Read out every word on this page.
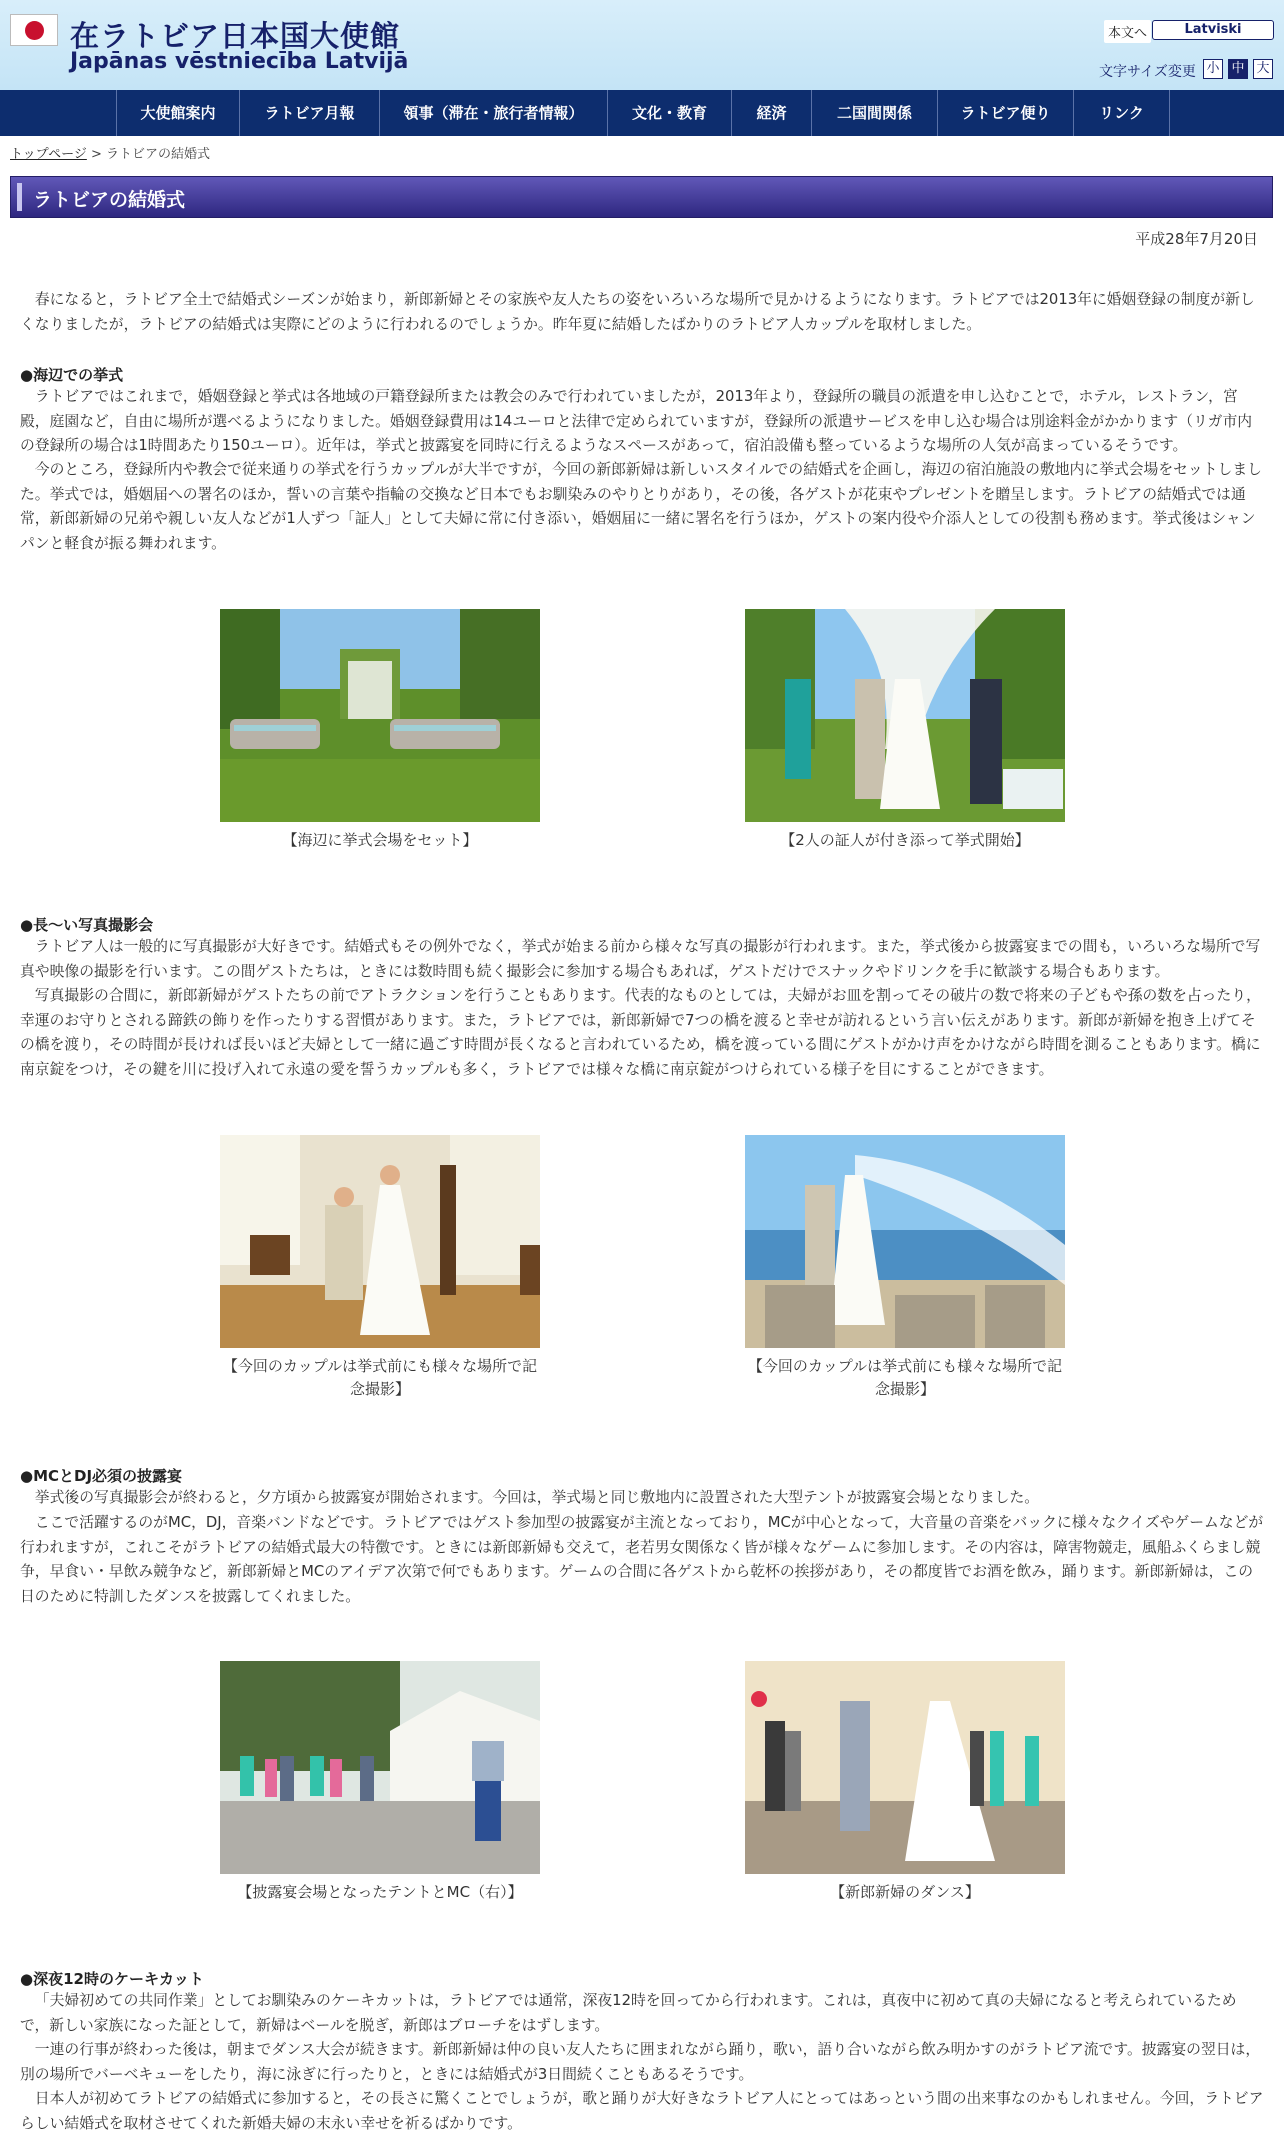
在ラトビア日本国大使館
Japānas vēstniecība Latvijā
本文へ	Latviski
文字サイズ変更 小 中 大
大使館案内	ラトビア月報	領事（滞在・旅行者情報）	文化・教育	経済	二国間関係	ラトビア便り	リンク
トップページ > ラトビアの結婚式
ラトビアの結婚式
平成28年7月20日

春になると，ラトビア全土で結婚式シーズンが始まり，新郎新婦とその家族や友人たちの姿をいろいろな場所で見かけるようになります。ラトビアでは2013年に婚姻登録の制度が新しくなりましたが，ラトビアの結婚式は実際にどのように行われるのでしょうか。昨年夏に結婚したばかりのラトビア人カップルを取材しました。

●海辺での挙式

ラトビアではこれまで，婚姻登録と挙式は各地域の戸籍登録所または教会のみで行われていましたが，2013年より，登録所の職員の派遣を申し込むことで，ホテル，レストラン，宮殿，庭園など，自由に場所が選べるようになりました。婚姻登録費用は14ユーロと法律で定められていますが，登録所の派遣サービスを申し込む場合は別途料金がかかります（リガ市内の登録所の場合は1時間あたり150ユーロ）。近年は，挙式と披露宴を同時に行えるようなスペースがあって，宿泊設備も整っているような場所の人気が高まっているそうです。

今のところ，登録所内や教会で従来通りの挙式を行うカップルが大半ですが，今回の新郎新婦は新しいスタイルでの結婚式を企画し，海辺の宿泊施設の敷地内に挙式会場をセットしました。挙式では，婚姻届への署名のほか，誓いの言葉や指輪の交換など日本でもお馴染みのやりとりがあり，その後，各ゲストが花束やプレゼントを贈呈します。ラトビアの結婚式では通常，新郎新婦の兄弟や親しい友人などが1人ずつ「証人」として夫婦に常に付き添い，婚姻届に一緒に署名を行うほか，ゲストの案内役や介添人としての役割も務めます。挙式後はシャンパンと軽食が振る舞われます。

【海辺に挙式会場をセット】	【2人の証人が付き添って挙式開始】
●長～い写真撮影会

ラトビア人は一般的に写真撮影が大好きです。結婚式もその例外でなく，挙式が始まる前から様々な写真の撮影が行われます。また，挙式後から披露宴までの間も，いろいろな場所で写真や映像の撮影を行います。この間ゲストたちは，ときには数時間も続く撮影会に参加する場合もあれば，ゲストだけでスナックやドリンクを手に歓談する場合もあります。

写真撮影の合間に，新郎新婦がゲストたちの前でアトラクションを行うこともあります。代表的なものとしては，夫婦がお皿を割ってその破片の数で将来の子どもや孫の数を占ったり，幸運のお守りとされる蹄鉄の飾りを作ったりする習慣があります。また，ラトビアでは，新郎新婦で7つの橋を渡ると幸せが訪れるという言い伝えがあります。新郎が新婦を抱き上げてその橋を渡り，その時間が長ければ長いほど夫婦として一緒に過ごす時間が長くなると言われているため，橋を渡っている間にゲストがかけ声をかけながら時間を測ることもあります。橋に南京錠をつけ，その鍵を川に投げ入れて永遠の愛を誓うカップルも多く，ラトビアでは様々な橋に南京錠がつけられている様子を目にすることができます。

【今回のカップルは挙式前にも様々な場所で記念撮影】
【今回のカップルは挙式前にも様々な場所で記念撮影】
●MCとDJ必須の披露宴

挙式後の写真撮影会が終わると，夕方頃から披露宴が開始されます。今回は，挙式場と同じ敷地内に設置された大型テントが披露宴会場となりました。

ここで活躍するのがMC，DJ，音楽バンドなどです。ラトビアではゲスト参加型の披露宴が主流となっており，MCが中心となって，大音量の音楽をバックに様々なクイズやゲームなどが行われますが，これこそがラトビアの結婚式最大の特徴です。ときには新郎新婦も交えて，老若男女関係なく皆が様々なゲームに参加します。その内容は，障害物競走，風船ふくらまし競争，早食い・早飲み競争など，新郎新婦とMCのアイデア次第で何でもあります。ゲームの合間に各ゲストから乾杯の挨拶があり，その都度皆でお酒を飲み，踊ります。新郎新婦は，この日のために特訓したダンスを披露してくれました。

【披露宴会場となったテントとMC（右）】	【新郎新婦のダンス】
●深夜12時のケーキカット

「夫婦初めての共同作業」としてお馴染みのケーキカットは，ラトビアでは通常，深夜12時を回ってから行われます。これは，真夜中に初めて真の夫婦になると考えられているためで，新しい家族になった証として，新婦はベールを脱ぎ，新郎はブローチをはずします。

一連の行事が終わった後は，朝までダンス大会が続きます。新郎新婦は仲の良い友人たちに囲まれながら踊り，歌い，語り合いながら飲み明かすのがラトビア流です。披露宴の翌日は，別の場所でバーベキューをしたり，海に泳ぎに行ったりと，ときには結婚式が3日間続くこともあるそうです。

日本人が初めてラトビアの結婚式に参加すると，その長さに驚くことでしょうが，歌と踊りが大好きなラトビア人にとってはあっという間の出来事なのかもしれません。今回，ラトビアらしい結婚式を取材させてくれた新婚夫婦の末永い幸せを祈るばかりです。
